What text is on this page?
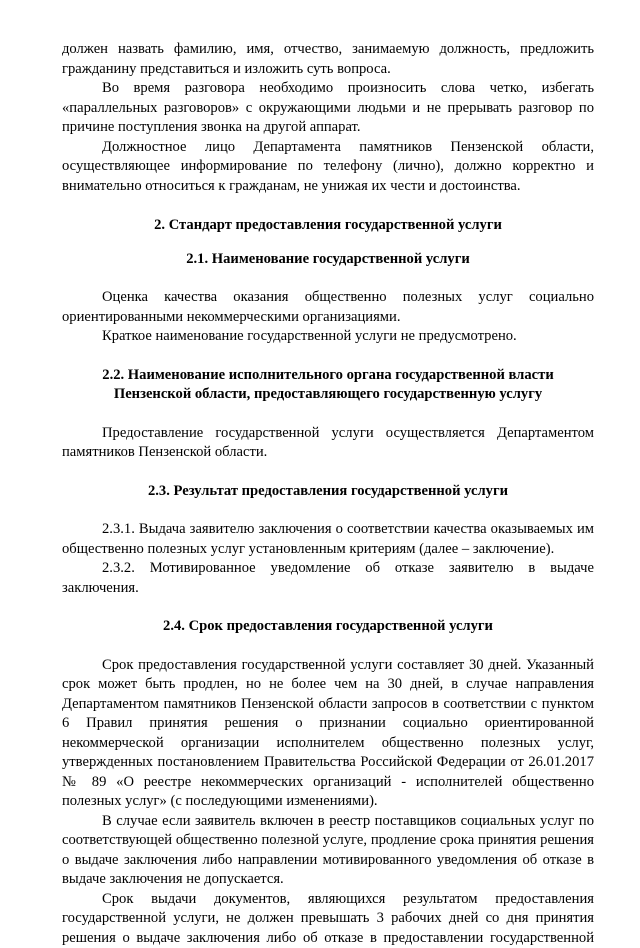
должен назвать фамилию, имя, отчество, занимаемую должность, предложить гражданину представиться и изложить суть вопроса.

Во время разговора необходимо произносить слова четко, избегать «параллельных разговоров» с окружающими людьми и не прерывать разговор по причине поступления звонка на другой аппарат.

Должностное лицо Департамента памятников Пензенской области, осуществляющее информирование по телефону (лично), должно корректно и внимательно относиться к гражданам, не унижая их чести и достоинства.

2. Стандарт предоставления государственной услуги
2.1. Наименование государственной услуги

Оценка качества оказания общественно полезных услуг социально ориентированными некоммерческими организациями.

Краткое наименование государственной услуги не предусмотрено.

2.2. Наименование исполнительного органа государственной власти
Пензенской области, предоставляющего государственную услугу

Предоставление государственной услуги осуществляется Департаментом памятников Пензенской области.

2.3. Результат предоставления государственной услуги

2.3.1. Выдача заявителю заключения о соответствии качества оказываемых им общественно полезных услуг установленным критериям (далее – заключение).

2.3.2. Мотивированное уведомление об отказе заявителю в выдаче заключения.

2.4. Срок предоставления государственной услуги

Срок предоставления государственной услуги составляет 30 дней. Указанный срок может быть продлен, но не более чем на 30 дней, в случае направления Департаментом памятников Пензенской области запросов в соответствии с пунктом 6 Правил принятия решения о признании социально ориентированной некоммерческой организации исполнителем общественно полезных услуг, утвержденных постановлением Правительства Российской Федерации от 26.01.2017 № 89 «О реестре некоммерческих организаций - исполнителей общественно полезных услуг» (с последующими изменениями).

В случае если заявитель включен в реестр поставщиков социальных услуг по соответствующей общественно полезной услуге, продление срока принятия решения о выдаче заключения либо направлении мотивированного уведомления об отказе в выдаче заключения не допускается.

Срок выдачи документов, являющихся результатом предоставления государственной услуги, не должен превышать 3 рабочих дней со дня принятия решения о выдаче заключения либо об отказе в предоставлении государственной
